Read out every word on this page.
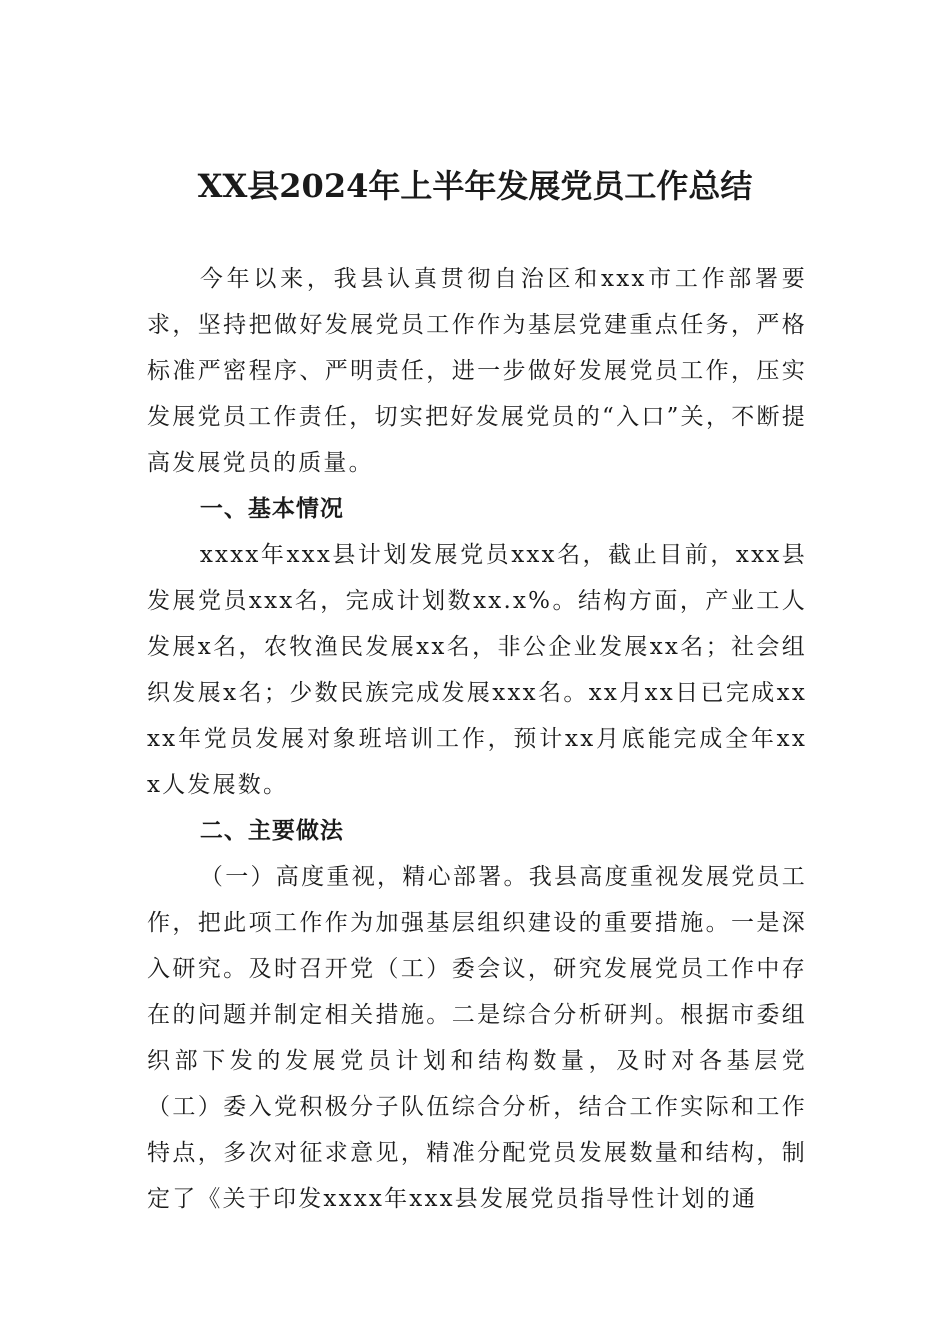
XX县2024年上半年发展党员工作总结

今年以来，我县认真贯彻自治区和xxx市工作部署要求，坚持把做好发展党员工作作为基层党建重点任务，严格标准严密程序、严明责任，进一步做好发展党员工作，压实发展党员工作责任，切实把好发展党员的“入口”关，不断提高发展党员的质量。

一、基本情况

xxxx年xxx县计划发展党员xxx名，截止目前，xxx县发展党员xxx名，完成计划数xx.x%。结构方面，产业工人发展x名，农牧渔民发展xx名，非公企业发展xx名；社会组织发展x名；少数民族完成发展xxx名。xx月xx日已完成xxxx年党员发展对象班培训工作，预计xx月底能完成全年xxx人发展数。

二、主要做法

（一）高度重视，精心部署。我县高度重视发展党员工作，把此项工作作为加强基层组织建设的重要措施。一是深入研究。及时召开党（工）委会议，研究发展党员工作中存在的问题并制定相关措施。二是综合分析研判。根据市委组织部下发的发展党员计划和结构数量，及时对各基层党（工）委入党积极分子队伍综合分析，结合工作实际和工作特点，多次对征求意见，精准分配党员发展数量和结构，制定了《关于印发xxxx年xxx县发展党员指导性计划的通
